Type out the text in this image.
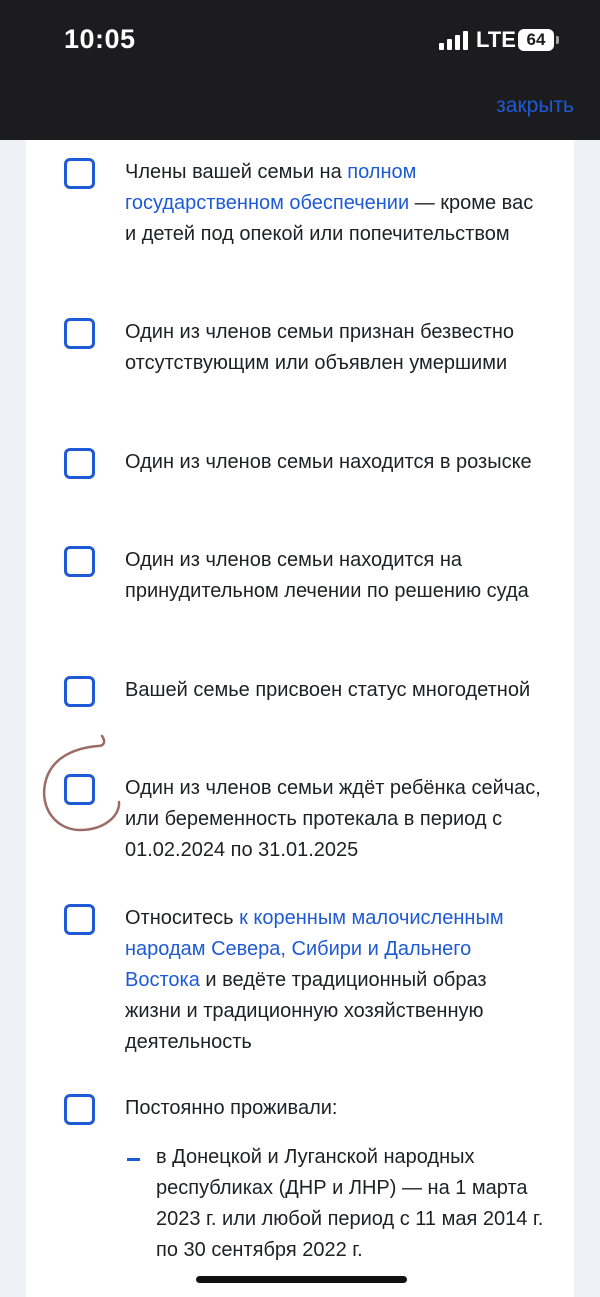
10:05	LTE 64
закрыть
Члены вашей семьи на полном государственном обеспечении — кроме вас и детей под опекой или попечительством
Один из членов семьи признан безвестно отсутствующим или объявлен умершими
Один из членов семьи находится в розыске
Один из членов семьи находится на принудительном лечении по решению суда
Вашей семье присвоен статус многодетной
Один из членов семьи ждёт ребёнка сейчас, или беременность протекала в период с 01.02.2024 по 31.01.2025
Относитесь к коренным малочисленным народам Севера, Сибири и Дальнего Востока и ведёте традиционный образ жизни и традиционную хозяйственную деятельность
Постоянно проживали:
в Донецкой и Луганской народных республиках (ДНР и ЛНР) — на 1 марта 2023 г. или любой период с 11 мая 2014 г. по 30 сентября 2022 г.
